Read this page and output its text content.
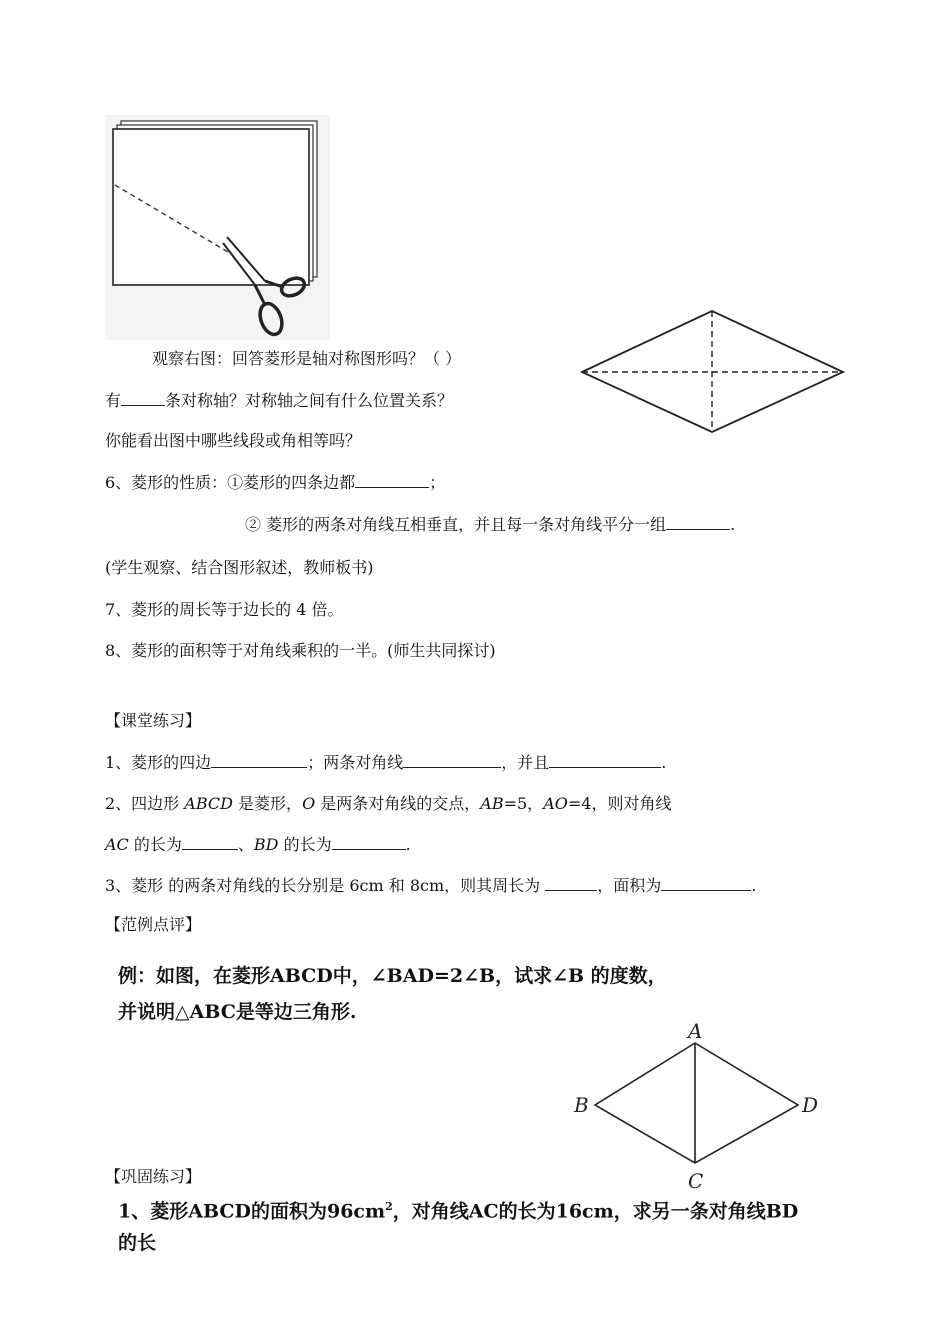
观察右图：回答菱形是轴对称图形吗？（ ）
有	条对称轴？对称轴之间有什么位置关系？
你能看出图中哪些线段或角相等吗？
6、菱形的性质：①菱形的四条边都	；
② 菱形的两条对角线互相垂直，并且每一条对角线平分一组	.
(学生观察、结合图形叙述，教师板书)
7、菱形的周长等于边长的 4 倍。
8、菱形的面积等于对角线乘积的一半。(师生共同探讨)
【课堂练习】
1、菱形的四边	；两条对角线	，并且	.
2、四边形 ABCD 是菱形，O 是两条对角线的交点，AB=5，AO=4，则对角线
AC 的长为	、BD 的长为	.
3、菱形 的两条对角线的长分别是 6cm 和 8cm，则其周长为	，面积为	.
【范例点评】
例：如图，在菱形ABCD中，∠BAD=2∠B，试求∠B 的度数，
并说明△ABC是等边三角形.
A
B
C
D
【巩固练习】
1、菱形ABCD的面积为$96cm^2$，对角线AC的长为16cm，求另一条对角线BD
的长
